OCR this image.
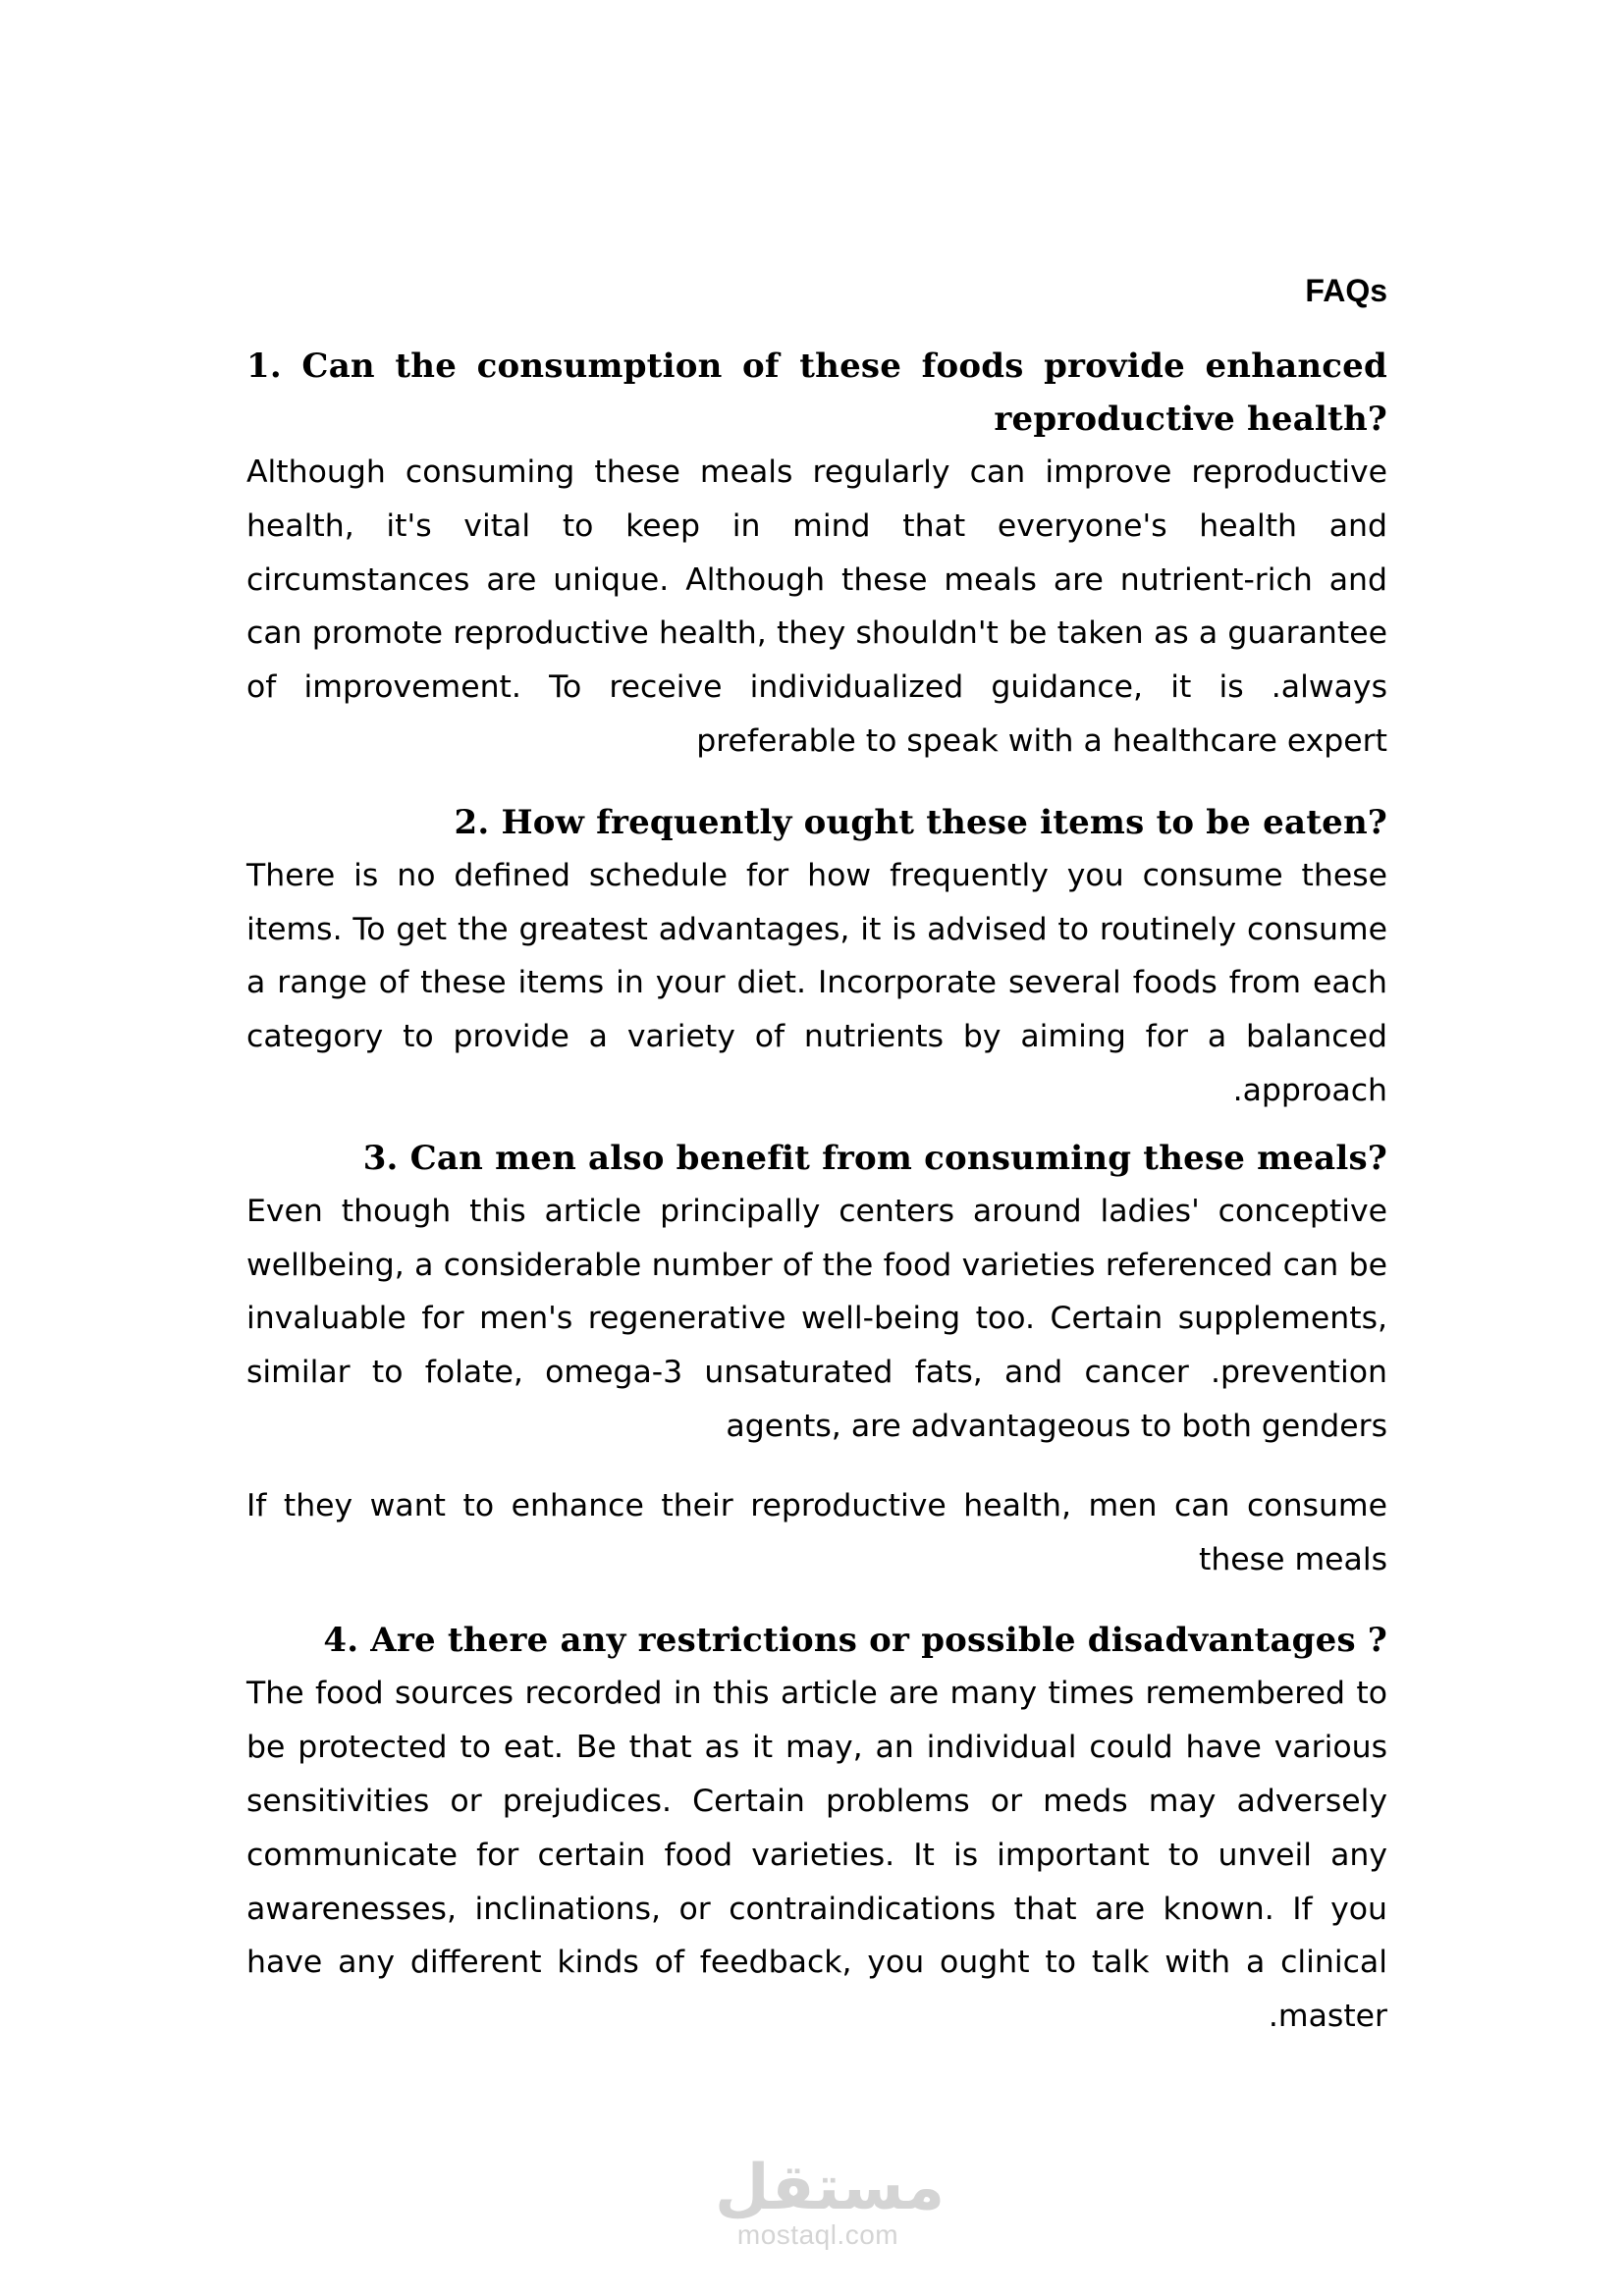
FAQs
1. Can the consumption of these foods provide enhanced reproductive health?

Although consuming these meals regularly can improve reproductive health, it's vital to keep in mind that everyone's health and circumstances are unique. Although these meals are nutrient-rich and can promote reproductive health, they shouldn't be taken as a guarantee of improvement. To receive individualized guidance, it is .always preferable to speak with a healthcare expert

2. How frequently ought these items to be eaten?

There is no defined schedule for how frequently you consume these items. To get the greatest advantages, it is advised to routinely consume a range of these items in your diet. Incorporate several foods from each category to provide a variety of nutrients by aiming for a balanced .approach

3. Can men also benefit from consuming these meals?

Even though this article principally centers around ladies' conceptive wellbeing, a considerable number of the food varieties referenced can be invaluable for men's regenerative well-being too. Certain supplements, similar to folate, omega-3 unsaturated fats, and cancer .prevention agents, are advantageous to both genders

If they want to enhance their reproductive health, men can consume these meals

4. Are there any restrictions or possible disadvantages ?

The food sources recorded in this article are many times remembered to be protected to eat. Be that as it may, an individual could have various sensitivities or prejudices. Certain problems or meds may adversely communicate for certain food varieties. It is important to unveil any awarenesses, inclinations, or contraindications that are known. If you have any different kinds of feedback, you ought to talk with a clinical .master

مستقل
mostaql.com
